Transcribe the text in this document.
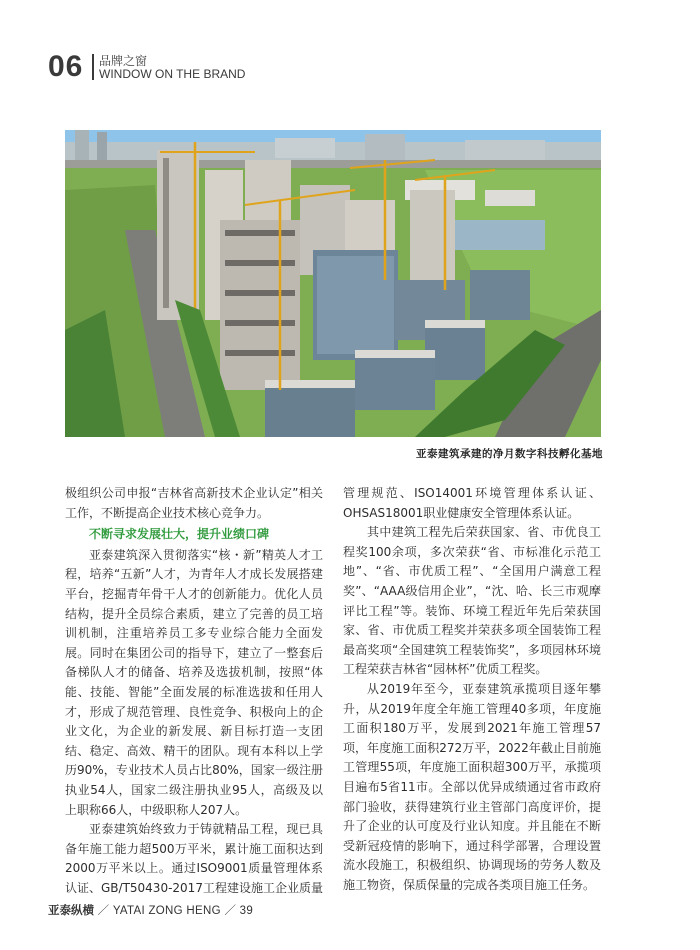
06 品牌之窗
WINDOW ON THE BRAND
亚泰建筑承建的净月数字科技孵化基地

极组织公司申报“吉林省高新技术企业认定”相关工作，不断提高企业技术核心竞争力。

不断寻求发展壮大，提升业绩口碑

亚泰建筑深入贯彻落实“核・新”精英人才工程，培养“五新”人才，为青年人才成长发展搭建平台，挖掘青年骨干人才的创新能力。优化人员结构，提升全员综合素质，建立了完善的员工培训机制，注重培养员工多专业综合能力全面发展。同时在集团公司的指导下，建立了一整套后备梯队人才的储备、培养及选拔机制，按照“体能、技能、智能”全面发展的标准选拔和任用人才，形成了规范管理、良性竞争、积极向上的企业文化，为企业的新发展、新目标打造一支团结、稳定、高效、精干的团队。现有本科以上学历90%，专业技术人员占比80%，国家一级注册执业54人，国家二级注册执业95人，高级及以上职称66人，中级职称人207人。

亚泰建筑始终致力于铸就精品工程，现已具备年施工能力超500万平米，累计施工面积达到2000万平米以上。通过ISO9001质量管理体系认证、GB/T50430-2017工程建设施工企业质量

管理规范、ISO14001环境管理体系认证、OHSAS18001职业健康安全管理体系认证。

其中建筑工程先后荣获国家、省、市优良工程奖100余项，多次荣获“省、市标准化示范工地”、“省、市优质工程”、“全国用户满意工程奖”、“AAA级信用企业”，“沈、哈、长三市观摩评比工程”等。装饰、环境工程近年先后荣获国家、省、市优质工程奖并荣获多项全国装饰工程最高奖项“全国建筑工程装饰奖”，多项园林环境工程荣获吉林省“园林杯”优质工程奖。

从2019年至今，亚泰建筑承揽项目逐年攀升，从2019年度全年施工管理40多项，年度施工面积180万平，发展到2021年施工管理57项，年度施工面积272万平，2022年截止目前施工管理55项，年度施工面积超300万平，承揽项目遍布5省11市。全部以优异成绩通过省市政府部门验收，获得建筑行业主管部门高度评价，提升了企业的认可度及行业认知度。并且能在不断受新冠疫情的影响下，通过科学部署，合理设置流水段施工，积极组织、协调现场的劳务人数及施工物资，保质保量的完成各类项目施工任务。

亚泰纵横 ／ YATAI ZONG HENG ／ 39
